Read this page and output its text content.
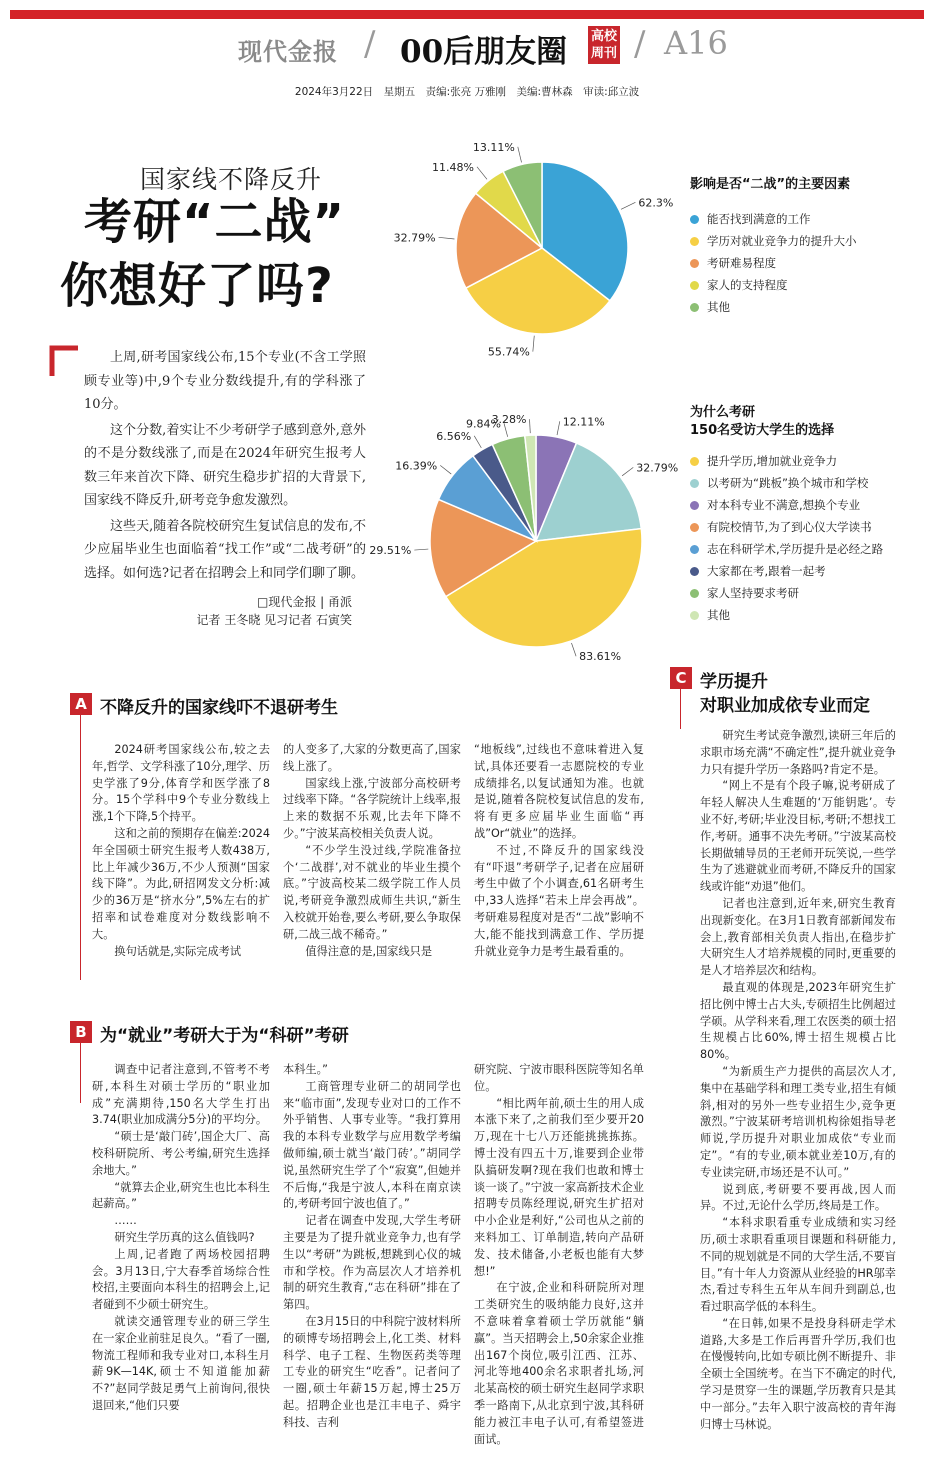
现代金报 / 00后朋友圈 高校
周刊 / A16
2024年3月22日　星期五　责编:张亮 万雅刚　美编:曹林森　审读:邱立波
国家线不降反升
考研“二战”
你想好了吗?

上周,研考国家线公布,15个专业(不含工学照顾专业等)中,9个专业分数线提升,有的学科涨了10分。

这个分数,着实让不少考研学子感到意外,意外的不是分数线涨了,而是在2024年研究生报考人数三年来首次下降、研究生稳步扩招的大背景下,国家线不降反升,研考竞争愈发激烈。

这些天,随着各院校研究生复试信息的发布,不少应届毕业生也面临着“找工作”或“二战考研”的选择。如何选?记者在招聘会上和同学们聊了聊。

□现代金报 | 甬派
记者 王冬晓 见习记者 石寅笑
62.3%
55.74%
32.79%
11.48%
13.11%
影响是否“二战”的主要因素
能否找到满意的工作
学历对就业竞争力的提升大小
考研难易程度
家人的支持程度
其他
12.11%
32.79%
83.61%
29.51%
16.39%
6.56%
9.84%
3.28%	为什么考研
150名受访大学生的选择
提升学历,增加就业竞争力
以考研为“跳板”换个城市和学校
对本科专业不满意,想换个专业
有院校情节,为了到心仪大学读书
志在科研学术,学历提升是必经之路
大家都在考,跟着一起考
家人坚持要求考研
其他
A 不降反升的国家线吓不退研考生

2024研考国家线公布,较之去年,哲学、文学科涨了10分,理学、历史学涨了9分,体育学和医学涨了8分。15个学科中9个专业分数线上涨,1个下降,5个持平。

这和之前的预期存在偏差:2024年全国硕士研究生报考人数438万,比上年减少36万,不少人预测“国家线下降”。为此,研招网发文分析:减少的36万是“挤水分”,5%左右的扩招率和试卷难度对分数线影响不大。

换句话就是,实际完成考试

的人变多了,大家的分数更高了,国家线上涨了。

国家线上涨,宁波部分高校研考过线率下降。“各学院统计上线率,报上来的数据不乐观,比去年下降不少。”宁波某高校相关负责人说。

“不少学生没过线,学院准备拉个‘二战群’,对不就业的毕业生摸个底。”宁波高校某二级学院工作人员说,考研竞争激烈成师生共识,“新生入校就开始卷,要么考研,要么争取保研,二战三战不稀奇。”

值得注意的是,国家线只是

“地板线”,过线也不意味着进入复试,具体还要看一志愿院校的专业成绩排名,以复试通知为准。也就是说,随着各院校复试信息的发布,将有更多应届毕业生面临“再战”Or“就业”的选择。

不过,不降反升的国家线没有“吓退”考研学子,记者在应届研考生中做了个小调查,61名研考生中,33人选择“若未上岸会再战”。考研难易程度对是否“二战”影响不大,能不能找到满意工作、学历提升就业竞争力是考生最看重的。

B 为“就业”考研大于为“科研”考研

调查中记者注意到,不管考不考研,本科生对硕士学历的“职业加成”充满期待,150名大学生打出3.74(职业加成满分5分)的平均分。

“硕士是‘敲门砖’,国企大厂、高校科研院所、考公考编,研究生选择余地大。”

“就算去企业,研究生也比本科生起薪高。”

……

研究生学历真的这么值钱吗?

上周,记者跑了两场校园招聘会。3月13日,宁大春季首场综合性校招,主要面向本科生的招聘会上,记者碰到不少硕士研究生。

就读交通管理专业的研三学生在一家企业前驻足良久。“看了一圈,物流工程师和我专业对口,本科生月薪9K—14K,硕士不知道能加薪不?”赵同学鼓足勇气上前询问,很快退回来,“他们只要

本科生。”

工商管理专业研二的胡同学也来“临市面”,发现专业对口的工作不外乎销售、人事专业等。“我打算用我的本科专业数学与应用数学考编做师编,硕士就当‘敲门砖’。”胡同学说,虽然研究生学了个“寂寞”,但她并不后悔,“我是宁波人,本科在南京读的,考研考回宁波也值了。”

记者在调查中发现,大学生考研主要是为了提升就业竞争力,也有学生以“考研”为跳板,想跳到心仪的城市和学校。作为高层次人才培养机制的研究生教育,“志在科研”排在了第四。

在3月15日的中科院宁波材料所的硕博专场招聘会上,化工类、材料科学、电子工程、生物医药类等理工专业的研究生“吃香”。记者问了一圈,硕士年薪15万起,博士25万起。招聘企业也是江丰电子、舜宇科技、吉利

研究院、宁波市眼科医院等知名单位。

“相比两年前,硕士生的用人成本涨下来了,之前我们至少要开20万,现在十七八万还能挑挑拣拣。博士没有四五十万,谁要到企业带队搞研发啊?现在我们也敢和博士谈一谈了。”宁波一家高新技术企业招聘专员陈经理说,研究生扩招对中小企业是利好,“公司也从之前的来料加工、订单制造,转向产品研发、技术储备,小老板也能有大梦想!”

在宁波,企业和科研院所对理工类研究生的吸纳能力良好,这并不意味着拿着硕士学历就能“躺赢”。当天招聘会上,50余家企业推出167个岗位,吸引江西、江苏、河北等地400余名求职者扎场,河北某高校的硕士研究生赵同学求职季一路南下,从北京到宁波,其科研能力被江丰电子认可,有希望签进面试。

C 学历提升
对职业加成依专业而定

研究生考试竞争激烈,读研三年后的求职市场充满“不确定性”,提升就业竞争力只有提升学历一条路吗?肯定不是。

“网上不是有个段子嘛,说考研成了年轻人解决人生难题的‘万能钥匙’。专业不好,考研;毕业没目标,考研;不想找工作,考研。通事不决先考研。”宁波某高校长期做辅导员的王老师开玩笑说,一些学生为了逃避就业而考研,不降反升的国家线或许能“劝退”他们。

记者也注意到,近年来,研究生教育出现新变化。在3月1日教育部新闻发布会上,教育部相关负责人指出,在稳步扩大研究生人才培养规模的同时,更重要的是人才培养层次和结构。

最直观的体现是,2023年研究生扩招比例中博士占大头,专硕招生比例超过学硕。从学科来看,理工农医类的硕士招生规模占比60%,博士招生规模占比80%。

“为新质生产力提供的高层次人才,集中在基础学科和理工类专业,招生有倾斜,相对的另外一些专业招生少,竞争更激烈。”宁波某研考培训机构徐姐指导老师说,学历提升对职业加成依“专业而定”。“有的专业,硕本就业差10万,有的专业读完研,市场还是不认可。”

说到底,考研要不要再战,因人而异。不过,无论什么学历,终局是工作。

“本科求职看重专业成绩和实习经历,硕士求职看重项目课题和科研能力,不同的规划就是不同的大学生活,不要盲目。”有十年人力资源从业经验的HR邬幸杰,看过专科生五年从车间升到副总,也看过职高学低的本科生。

“在日韩,如果不是投身科研走学术道路,大多是工作后再晋升学历,我们也在慢慢转向,比如专硕比例不断提升、非全硕士全国统考。在当下不确定的时代,学习是贯穿一生的课题,学历教育只是其中一部分。”去年入职宁波高校的青年海归博士马林说。
